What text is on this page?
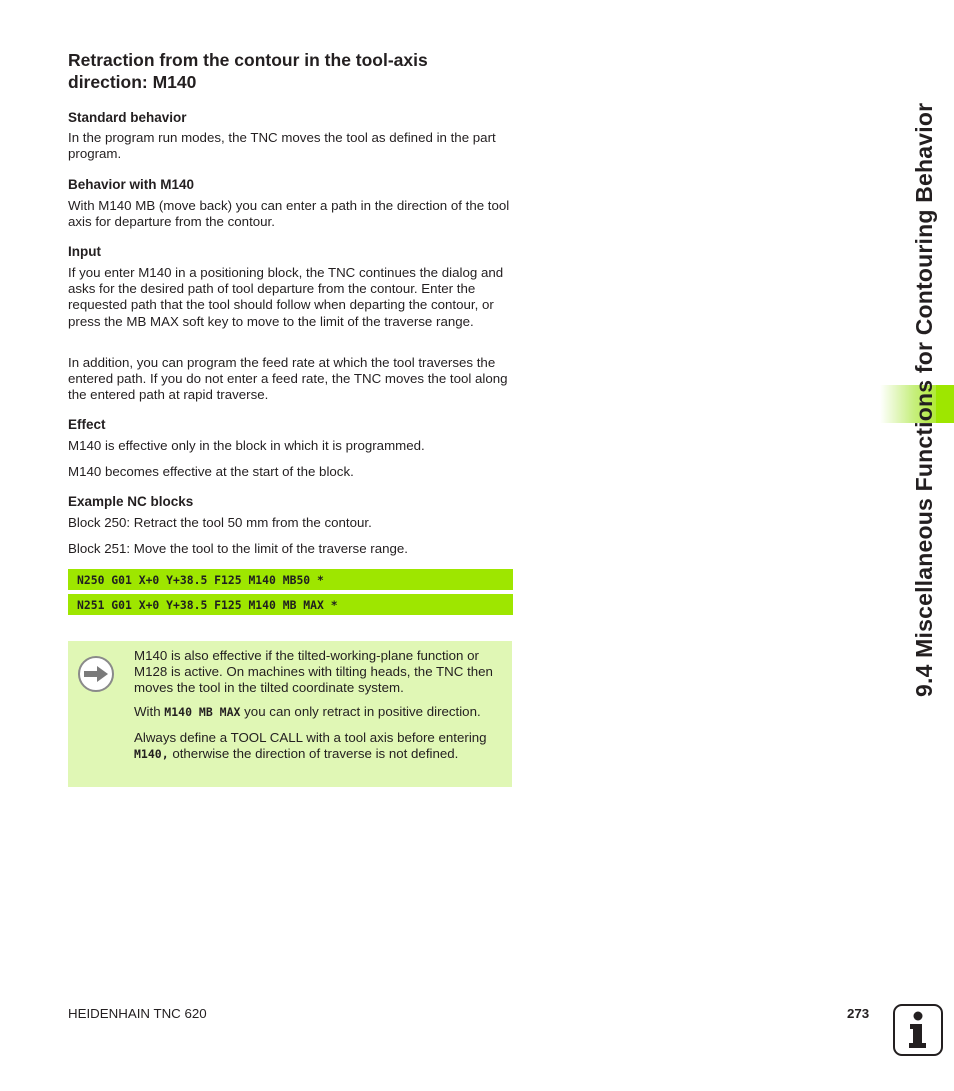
Retraction from the contour in the tool-axis direction: M140
Standard behavior

In the program run modes, the TNC moves the tool as defined in the part program.

Behavior with M140

With M140 MB (move back) you can enter a path in the direction of the tool axis for departure from the contour.

Input

If you enter M140 in a positioning block, the TNC continues the dialog and asks for the desired path of tool departure from the contour. Enter the requested path that the tool should follow when departing the contour, or press the MB MAX soft key to move to the limit of the traverse range.

In addition, you can program the feed rate at which the tool traverses the entered path. If you do not enter a feed rate, the TNC moves the tool along the entered path at rapid traverse.

Effect

M140 is effective only in the block in which it is programmed.

M140 becomes effective at the start of the block.

Example NC blocks

Block 250: Retract the tool 50 mm from the contour.

Block 251: Move the tool to the limit of the traverse range.

N250 G01 X+0 Y+38.5 F125 M140 MB50 *
N251 G01 X+0 Y+38.5 F125 M140 MB MAX *

M140 is also effective if the tilted-working-plane function or M128 is active. On machines with tilting heads, the TNC then moves the tool in the tilted coordinate system.

With M140 MB MAX you can only retract in positive direction.

Always define a TOOL CALL with a tool axis before entering M140, otherwise the direction of traverse is not defined.

9.4 Miscellaneous Functions for Contouring Behavior
HEIDENHAIN TNC 620	273
